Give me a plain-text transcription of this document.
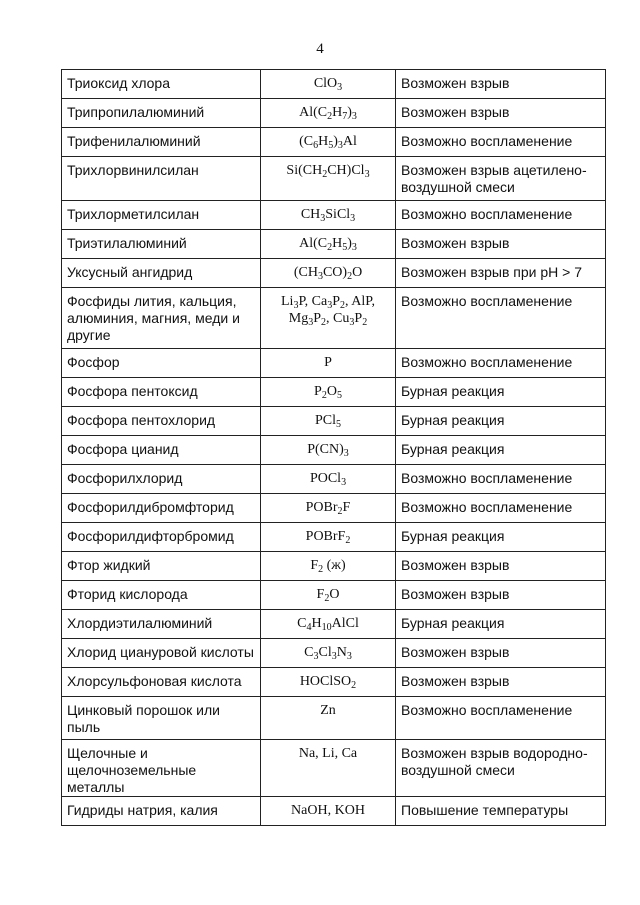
4
Триоксид хлора	ClO$_3$	Возможен взрыв
Трипропилалюминий	$Al(C_2H_7)_3$	Возможен взрыв
Трифенилалюминий	$(C_6H_5)_3Al$	Возможно воспламенение
Трихлорвинилсилан	$Si(CH_2CH)Cl_3$	Возможен взрыв ацетилено-воздушной смеси
Трихлорметилсилан	$CH_3SiCl_3$	Возможно воспламенение
Триэтилалюминий	$Al(C_2H_5)_3$	Возможен взрыв
Уксусный ангидрид	$(CH_3CO)_2O$	Возможен взрыв при pH > 7
Фосфиды лития, кальция, алюминия, магния, меди и другие	$Li_3P$, $Ca_3P_2$, AlP, $Mg_3P_2$, $Cu_3P_2$	Возможно воспламенение
Фосфор	P	Возможно воспламенение
Фосфора пентоксид	$P_2O_5$	Бурная реакция
Фосфора пентохлорид	PCl$_5$	Бурная реакция
Фосфора цианид	$P(CN)_3$	Бурная реакция
Фосфорилхлорид	POCl$_3$	Возможно воспламенение
Фосфорилдибромфторид	POBr$_2$F	Возможно воспламенение
Фосфорилдифторбромид	POBrF$_2$	Бурная реакция
Фтор жидкий	$F_2$ (ж)	Возможен взрыв
Фторид кислорода	$F_2O$	Возможен взрыв
Хлордиэтилалюминий	$C_4H_{10}AlCl$	Бурная реакция
Хлорид циануровой кислоты	$C_3Cl_3N_3$	Возможен взрыв
Хлорсульфоновая кислота	HOClSO$_2$	Возможен взрыв
Цинковый порошок или пыль	Zn	Возможно воспламенение
Щелочные и щелочноземельные металлы	Na, Li, Ca	Возможен взрыв водородно-воздушной смеси
Гидриды натрия, калия	NaOH, KOH	Повышение температуры
